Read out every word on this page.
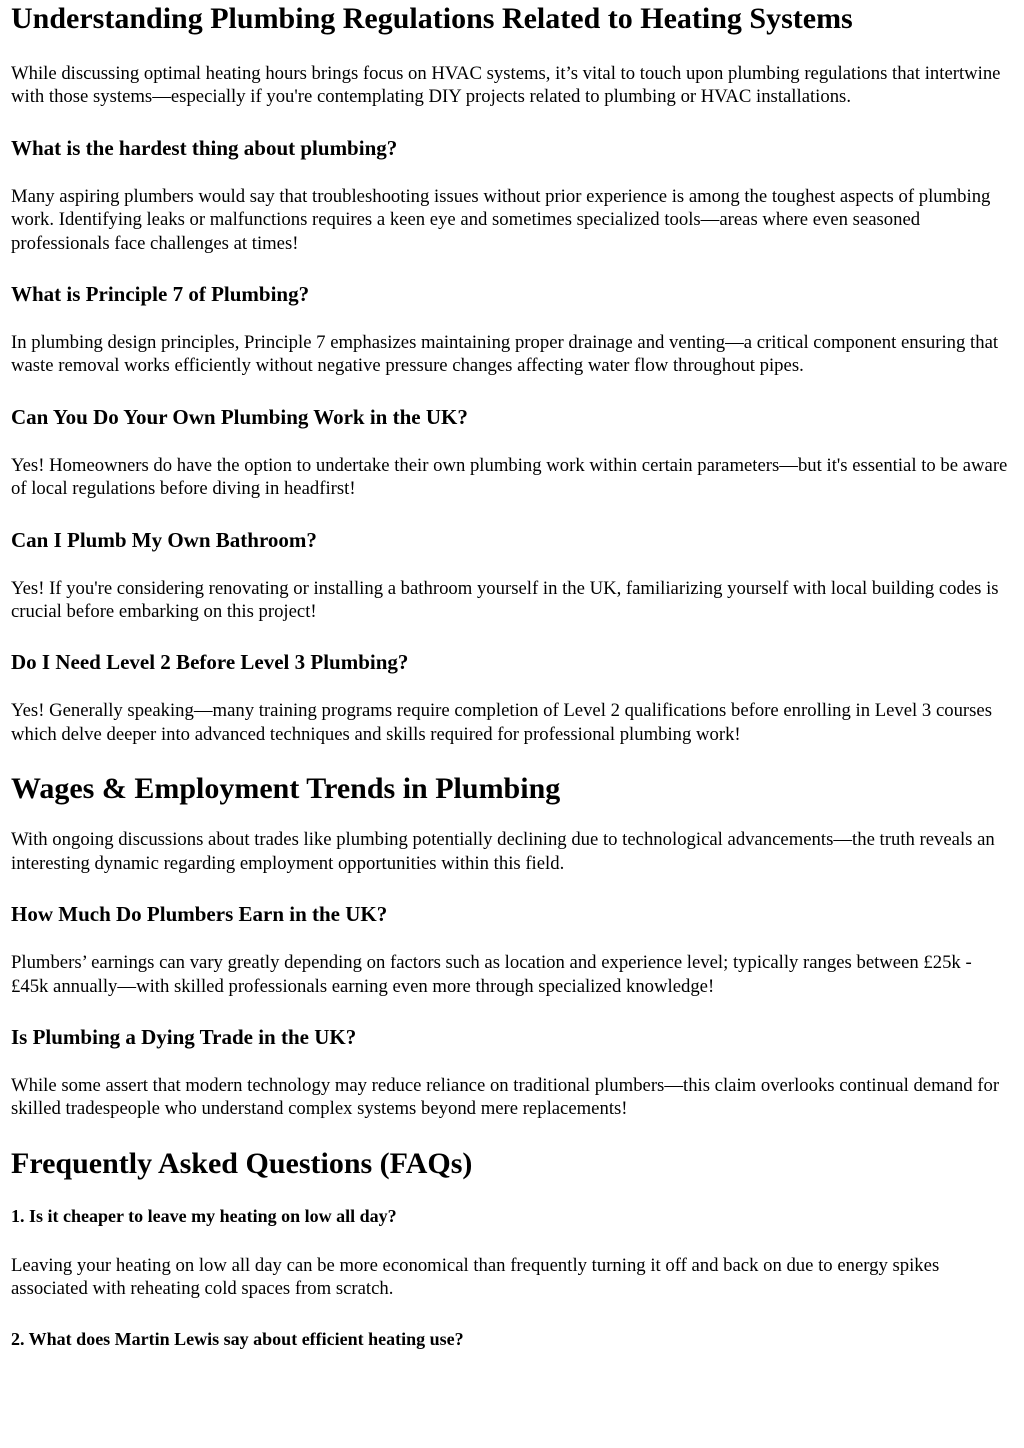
Understanding Plumbing Regulations Related to Heating Systems

While discussing optimal heating hours brings focus on HVAC systems, it’s vital to touch upon plumbing regulations that intertwine with those systems—especially if you're contemplating DIY projects related to plumbing or HVAC installations.

What is the hardest thing about plumbing?

Many aspiring plumbers would say that troubleshooting issues without prior experience is among the toughest aspects of plumbing work. Identifying leaks or malfunctions requires a keen eye and sometimes specialized tools—areas where even seasoned professionals face challenges at times!

What is Principle 7 of Plumbing?

In plumbing design principles, Principle 7 emphasizes maintaining proper drainage and venting—a critical component ensuring that waste removal works efficiently without negative pressure changes affecting water flow throughout pipes.

Can You Do Your Own Plumbing Work in the UK?

Yes! Homeowners do have the option to undertake their own plumbing work within certain parameters—but it's essential to be aware of local regulations before diving in headfirst!

Can I Plumb My Own Bathroom?

Yes! If you're considering renovating or installing a bathroom yourself in the UK, familiarizing yourself with local building codes is crucial before embarking on this project!

Do I Need Level 2 Before Level 3 Plumbing?

Yes! Generally speaking—many training programs require completion of Level 2 qualifications before enrolling in Level 3 courses which delve deeper into advanced techniques and skills required for professional plumbing work!

Wages & Employment Trends in Plumbing

With ongoing discussions about trades like plumbing potentially declining due to technological advancements—the truth reveals an interesting dynamic regarding employment opportunities within this field.

How Much Do Plumbers Earn in the UK?

Plumbers’ earnings can vary greatly depending on factors such as location and experience level; typically ranges between £25k - £45k annually—with skilled professionals earning even more through specialized knowledge!

Is Plumbing a Dying Trade in the UK?

While some assert that modern technology may reduce reliance on traditional plumbers—this claim overlooks continual demand for skilled tradespeople who understand complex systems beyond mere replacements!

Frequently Asked Questions (FAQs)
1. Is it cheaper to leave my heating on low all day?

Leaving your heating on low all day can be more economical than frequently turning it off and back on due to energy spikes associated with reheating cold spaces from scratch.

2. What does Martin Lewis say about efficient heating use?
